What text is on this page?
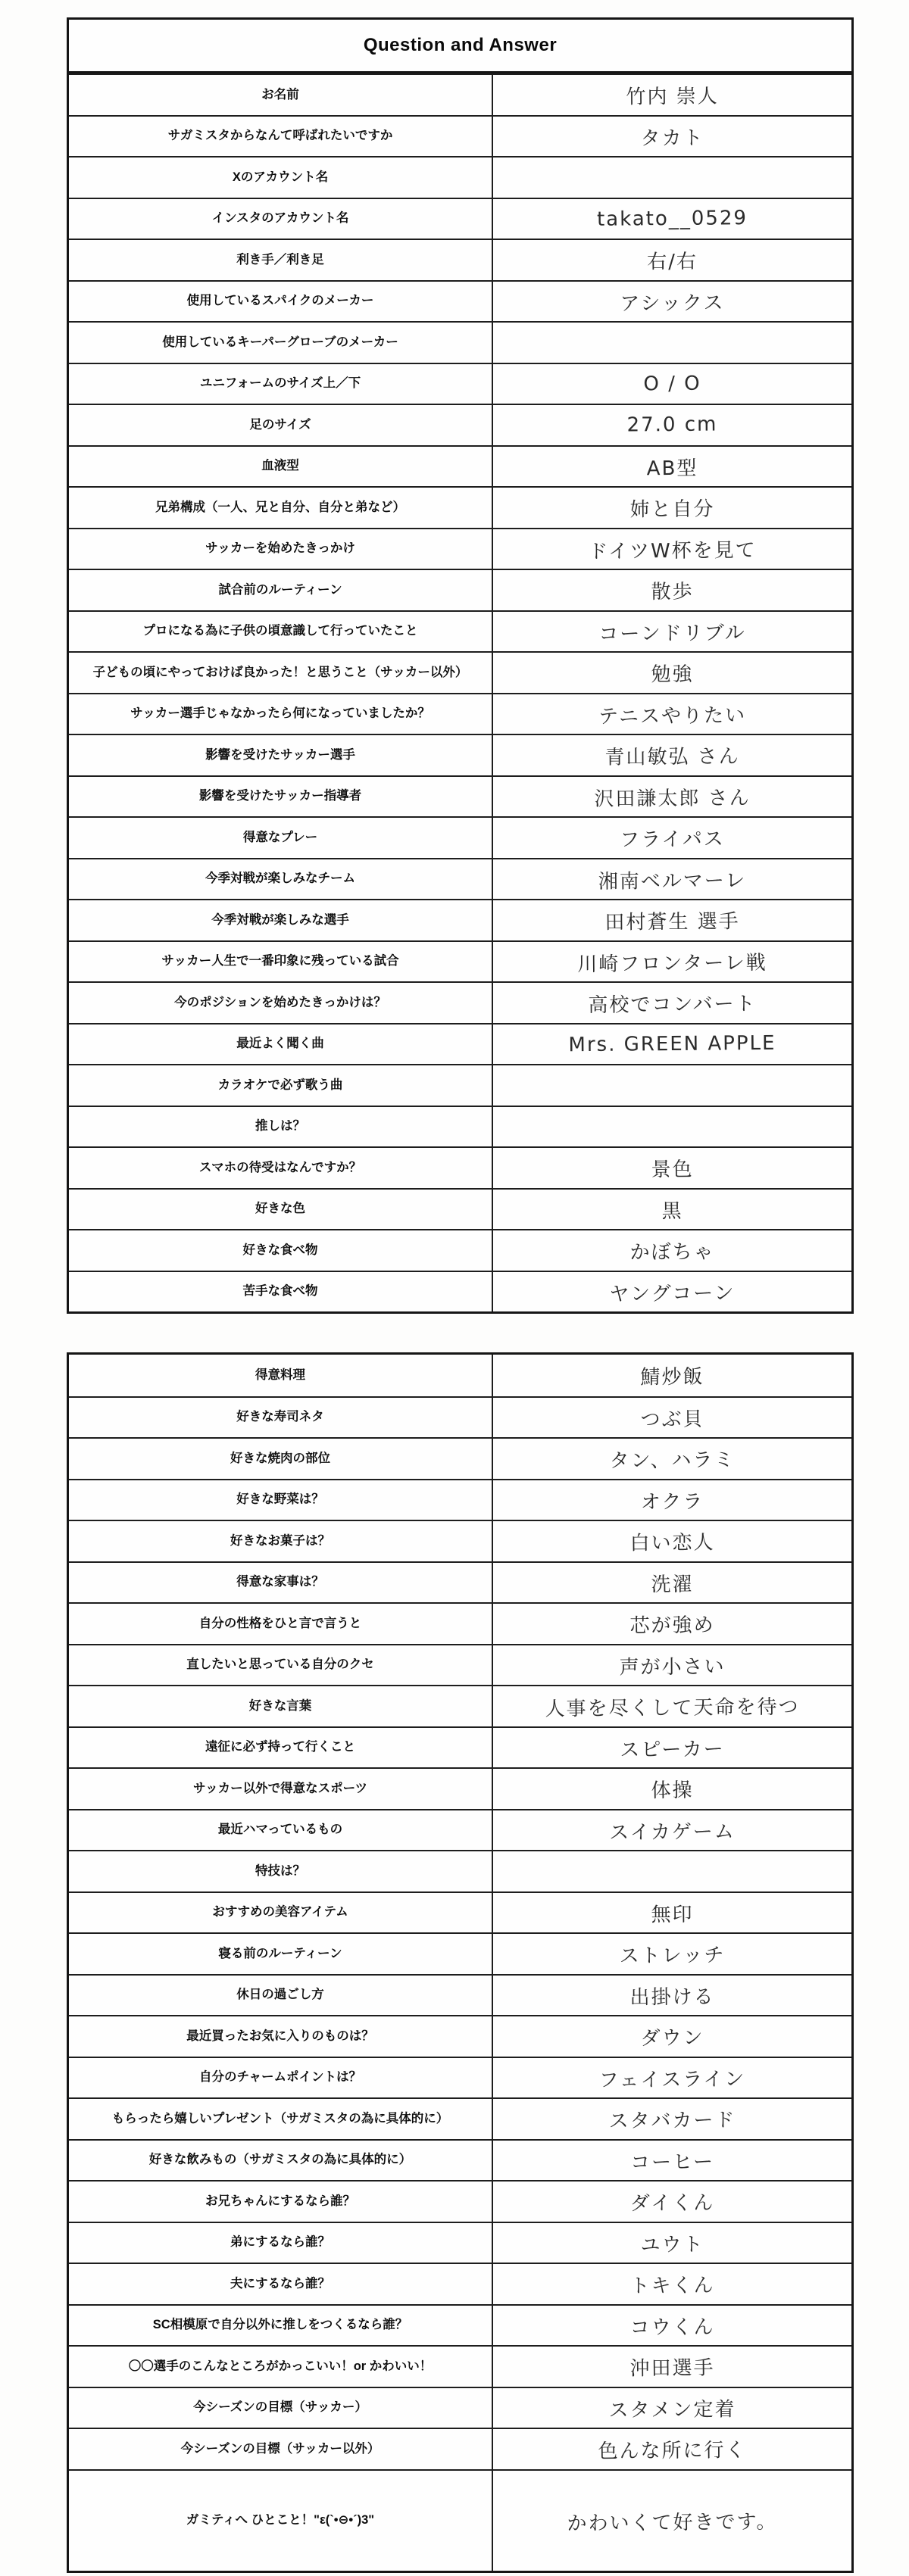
Question and Answer
お名前	竹内 崇人
サガミスタからなんて呼ばれたいですか	タカト
Xのアカウント名
インスタのアカウント名	takato__0529
利き手／利き足	右/右
使用しているスパイクのメーカー	アシックス
使用しているキーパーグローブのメーカー
ユニフォームのサイズ上／下	O / O
足のサイズ	27.0 cm
血液型	AB型
兄弟構成（一人、兄と自分、自分と弟など）	姉と自分
サッカーを始めたきっかけ	ドイツW杯を見て
試合前のルーティーン	散歩
プロになる為に子供の頃意識して行っていたこと	コーンドリブル
子どもの頃にやっておけば良かった！と思うこと（サッカー以外）	勉強
サッカー選手じゃなかったら何になっていましたか？	テニスやりたい
影響を受けたサッカー選手	青山敏弘 さん
影響を受けたサッカー指導者	沢田謙太郎 さん
得意なプレー	フライパス
今季対戦が楽しみなチーム	湘南ベルマーレ
今季対戦が楽しみな選手	田村蒼生 選手
サッカー人生で一番印象に残っている試合	川崎フロンターレ戦
今のポジションを始めたきっかけは？	高校でコンバート
最近よく聞く曲	Mrs. GREEN APPLE
カラオケで必ず歌う曲
推しは？
スマホの待受はなんですか？	景色
好きな色	黒
好きな食べ物	かぼちゃ
苦手な食べ物	ヤングコーン
得意料理	鯖炒飯
好きな寿司ネタ	つぶ貝
好きな焼肉の部位	タン、ハラミ
好きな野菜は？	オクラ
好きなお菓子は？	白い恋人
得意な家事は？	洗濯
自分の性格をひと言で言うと	芯が強め
直したいと思っている自分のクセ	声が小さい
好きな言葉	人事を尽くして天命を待つ
遠征に必ず持って行くこと	スピーカー
サッカー以外で得意なスポーツ	体操
最近ハマっているもの	スイカゲーム
特技は？
おすすめの美容アイテム	無印
寝る前のルーティーン	ストレッチ
休日の過ごし方	出掛ける
最近買ったお気に入りのものは？	ダウン
自分のチャームポイントは？	フェイスライン
もらったら嬉しいプレゼント（サガミスタの為に具体的に）	スタバカード
好きな飲みもの（サガミスタの為に具体的に）	コーヒー
お兄ちゃんにするなら誰？	ダイくん
弟にするなら誰？	ユウト
夫にするなら誰？	トキくん
SC相模原で自分以外に推しをつくるなら誰？	コウくん
〇〇選手のこんなところがかっこいい！or かわいい！	沖田選手
今シーズンの目標（サッカー）	スタメン定着
今シーズンの目標（サッカー以外）	色んな所に行く
ガミティへ ひとこと！"ε(`•⊖•´)3"	かわいくて好きです。
